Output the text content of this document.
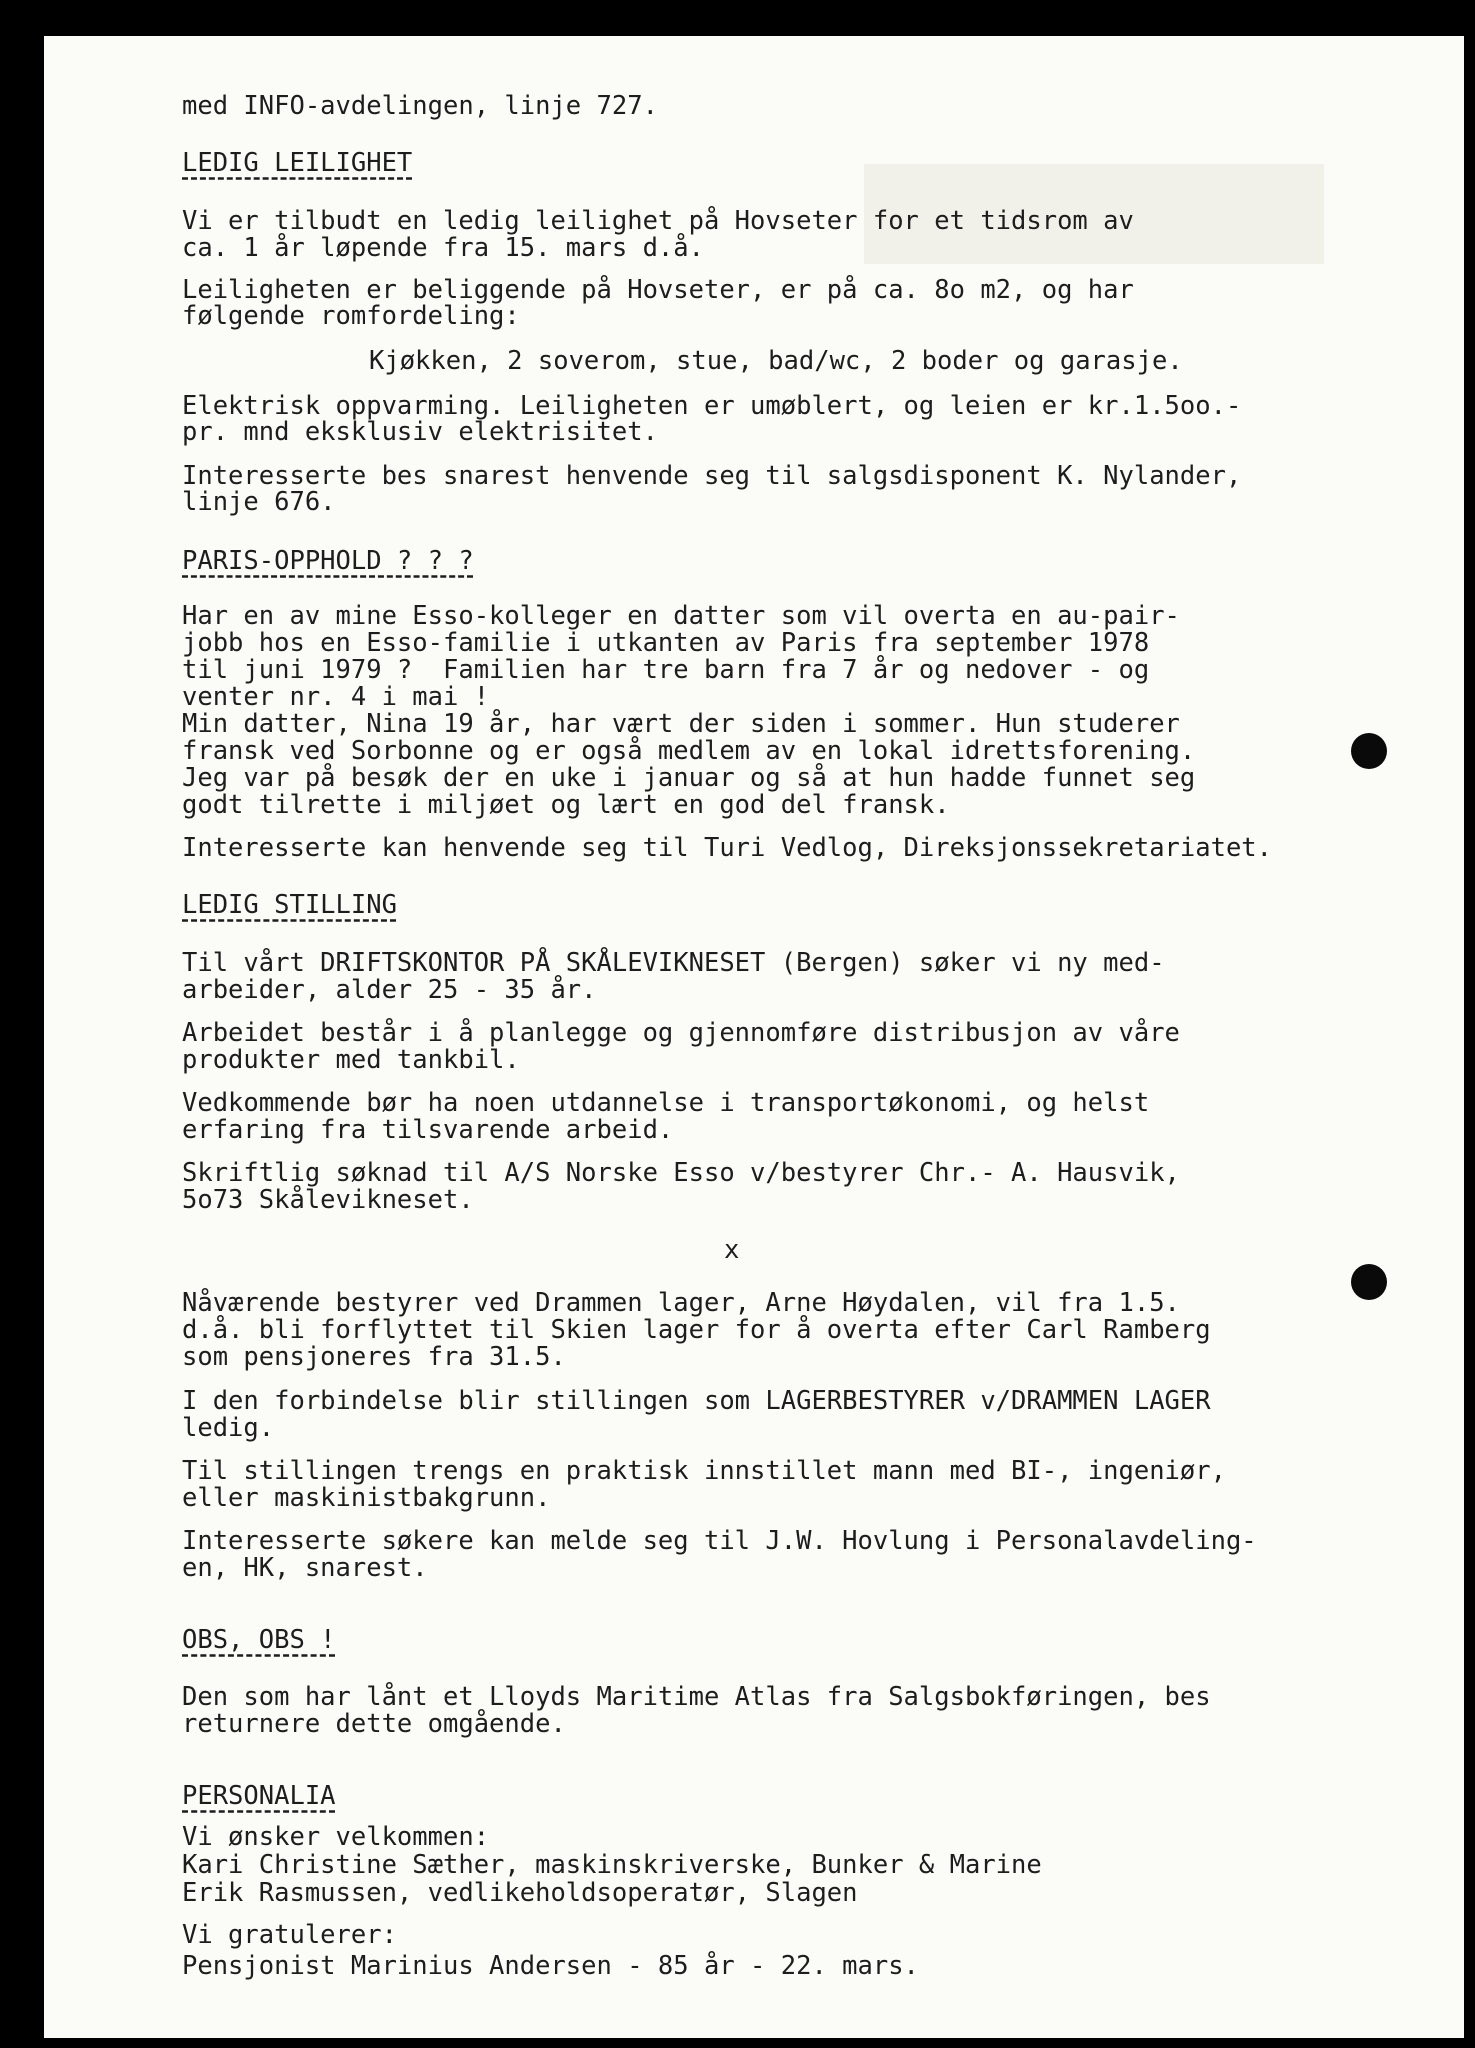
med INFO-avdelingen, linje 727.

LEDIG LEILIGHET

Vi er tilbudt en ledig leilighet på Hovseter for et tidsrom av

ca. 1 år løpende fra 15. mars d.å.

Leiligheten er beliggende på Hovseter, er på ca. 8o m2, og har

følgende romfordeling:

Kjøkken, 2 soverom, stue, bad/wc, 2 boder og garasje.

Elektrisk oppvarming. Leiligheten er umøblert, og leien er kr.1.5oo.-

pr. mnd eksklusiv elektrisitet.

Interesserte bes snarest henvende seg til salgsdisponent K. Nylander,

linje 676.

PARIS-OPPHOLD ? ? ?

Har en av mine Esso-kolleger en datter som vil overta en au-pair-

jobb hos en Esso-familie i utkanten av Paris fra september 1978

til juni 1979 ?  Familien har tre barn fra 7 år og nedover - og

venter nr. 4 i mai !

Min datter, Nina 19 år, har vært der siden i sommer. Hun studerer

fransk ved Sorbonne og er også medlem av en lokal idrettsforening.

Jeg var på besøk der en uke i januar og så at hun hadde funnet seg

godt tilrette i miljøet og lært en god del fransk.

Interesserte kan henvende seg til Turi Vedlog, Direksjonssekretariatet.

LEDIG STILLING

Til vårt DRIFTSKONTOR PÅ SKÅLEVIKNESET (Bergen) søker vi ny med-

arbeider, alder 25 - 35 år.

Arbeidet består i å planlegge og gjennomføre distribusjon av våre

produkter med tankbil.

Vedkommende bør ha noen utdannelse i transportøkonomi, og helst

erfaring fra tilsvarende arbeid.

Skriftlig søknad til A/S Norske Esso v/bestyrer Chr.- A. Hausvik,

5o73 Skålevikneset.

x

Nåværende bestyrer ved Drammen lager, Arne Høydalen, vil fra 1.5.

d.å. bli forflyttet til Skien lager for å overta efter Carl Ramberg

som pensjoneres fra 31.5.

I den forbindelse blir stillingen som LAGERBESTYRER v/DRAMMEN LAGER

ledig.

Til stillingen trengs en praktisk innstillet mann med BI-, ingeniør,

eller maskinistbakgrunn.

Interesserte søkere kan melde seg til J.W. Hovlung i Personalavdeling-

en, HK, snarest.

OBS, OBS !

Den som har lånt et Lloyds Maritime Atlas fra Salgsbokføringen, bes

returnere dette omgående.

PERSONALIA

Vi ønsker velkommen:

Kari Christine Sæther, maskinskriverske, Bunker & Marine

Erik Rasmussen, vedlikeholdsoperatør, Slagen

Vi gratulerer:

Pensjonist Marinius Andersen - 85 år - 22. mars.
